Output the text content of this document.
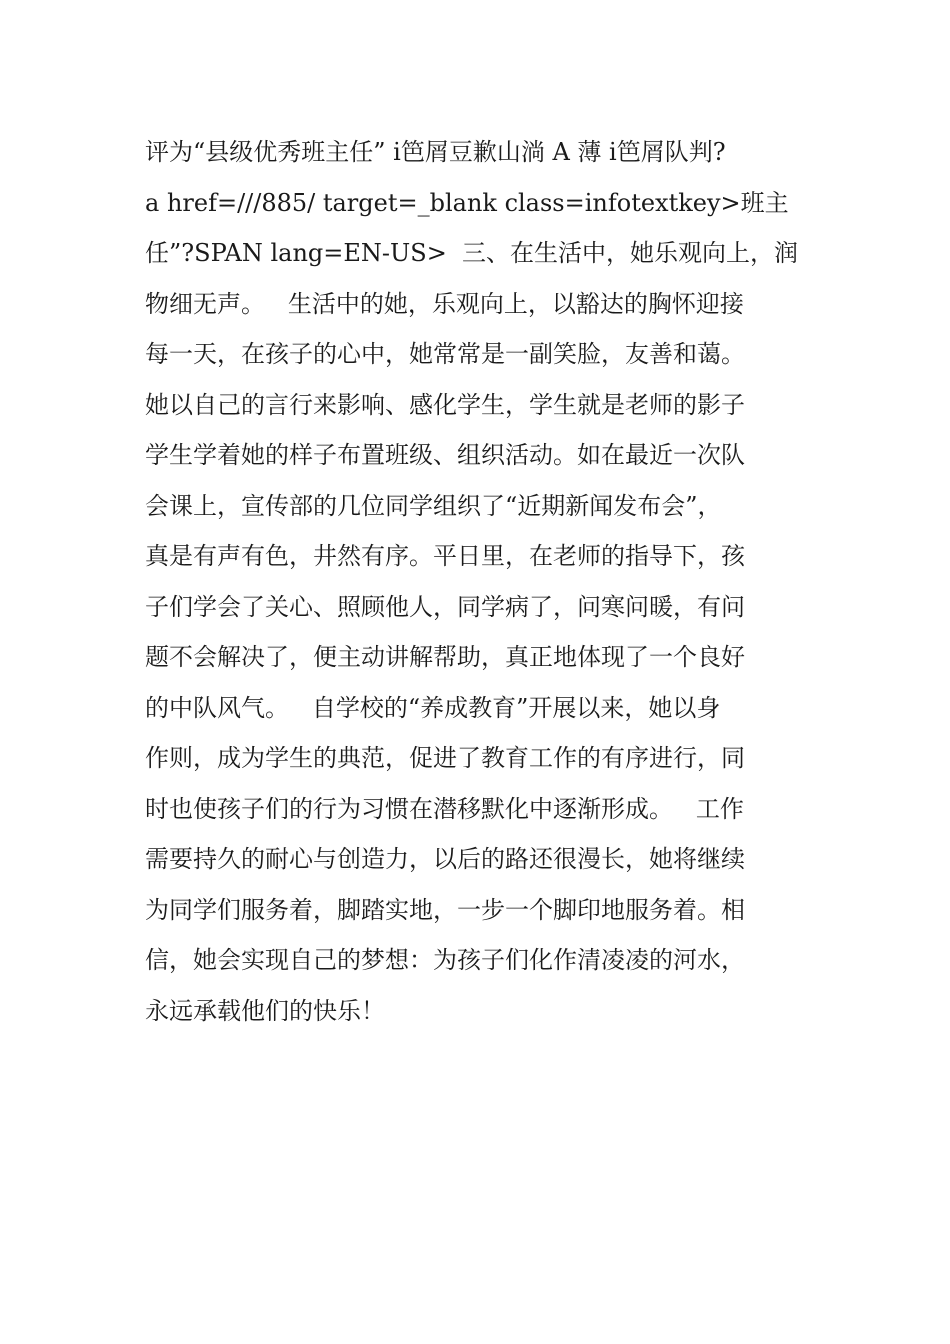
评为“县级优秀班主任” i笆屑豆歉山淌 A 薄 i笆屑队判?
a href=///885/ target=_blank class=infotextkey>班主
任”?SPAN lang=EN-US>  三、在生活中，她乐观向上，润
物细无声。   生活中的她，乐观向上，以豁达的胸怀迎接
每一天，在孩子的心中，她常常是一副笑脸，友善和蔼。
她以自己的言行来影响、感化学生，学生就是老师的影子
学生学着她的样子布置班级、组织活动。如在最近一次队
会课上，宣传部的几位同学组织了“近期新闻发布会”，
真是有声有色，井然有序。平日里，在老师的指导下，孩
子们学会了关心、照顾他人，同学病了，问寒问暖，有问
题不会解决了，便主动讲解帮助，真正地体现了一个良好
的中队风气。   自学校的“养成教育”开展以来，她以身
作则，成为学生的典范，促进了教育工作的有序进行，同
时也使孩子们的行为习惯在潜移默化中逐渐形成。   工作
需要持久的耐心与创造力，以后的路还很漫长，她将继续
为同学们服务着，脚踏实地，一步一个脚印地服务着。相
信，她会实现自己的梦想：为孩子们化作清凌凌的河水，
永远承载他们的快乐！
